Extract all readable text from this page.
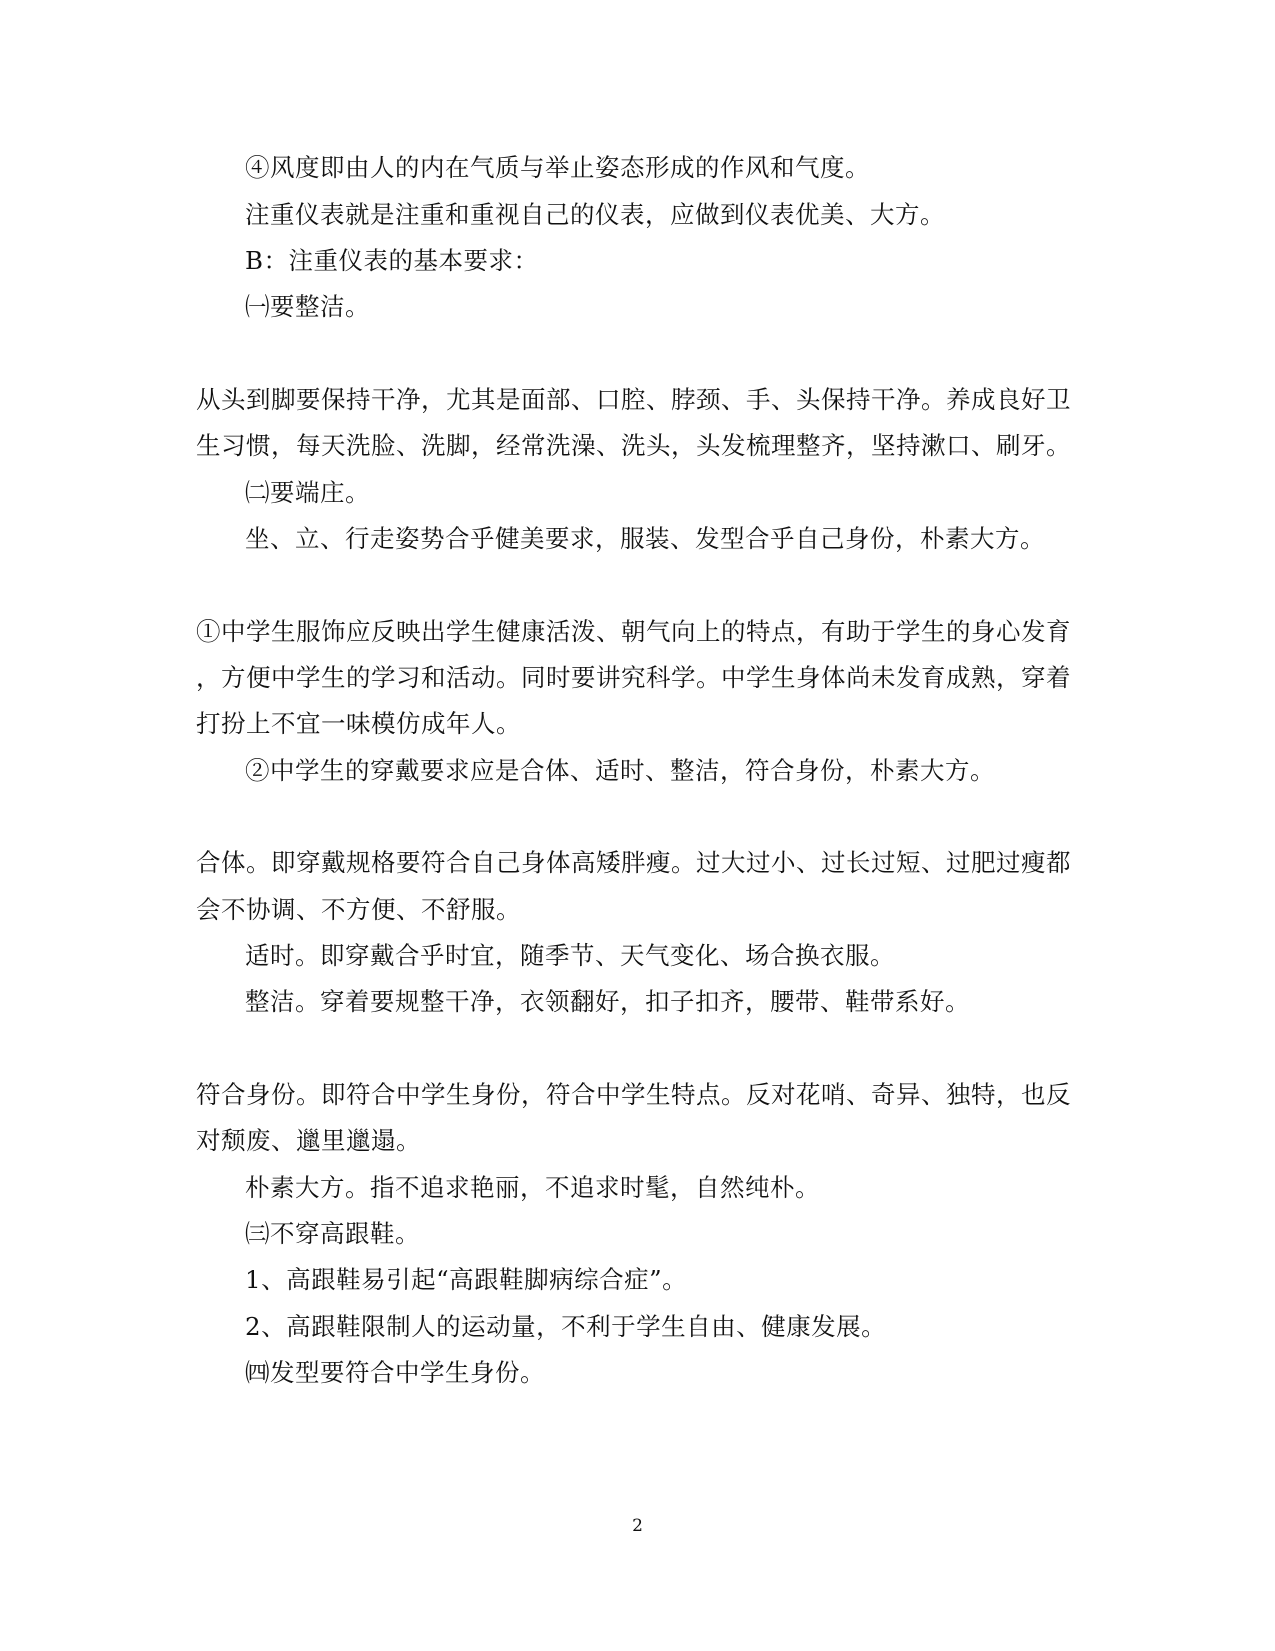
④风度即由人的内在气质与举止姿态形成的作风和气度。
注重仪表就是注重和重视自己的仪表，应做到仪表优美、大方。
B：注重仪表的基本要求：
㈠要整洁。
从头到脚要保持干净，尤其是面部、口腔、脖颈、手、头保持干净。养成良好卫
生习惯，每天洗脸、洗脚，经常洗澡、洗头，头发梳理整齐，坚持漱口、刷牙。
㈡要端庄。
坐、立、行走姿势合乎健美要求，服装、发型合乎自己身份，朴素大方。
①中学生服饰应反映出学生健康活泼、朝气向上的特点，有助于学生的身心发育
，方便中学生的学习和活动。同时要讲究科学。中学生身体尚未发育成熟，穿着
打扮上不宜一味模仿成年人。
②中学生的穿戴要求应是合体、适时、整洁，符合身份，朴素大方。
合体。即穿戴规格要符合自己身体高矮胖瘦。过大过小、过长过短、过肥过瘦都
会不协调、不方便、不舒服。
适时。即穿戴合乎时宜，随季节、天气变化、场合换衣服。
整洁。穿着要规整干净，衣领翻好，扣子扣齐，腰带、鞋带系好。
符合身份。即符合中学生身份，符合中学生特点。反对花哨、奇异、独特，也反
对颓废、邋里邋遢。
朴素大方。指不追求艳丽，不追求时髦，自然纯朴。
㈢不穿高跟鞋。
1、高跟鞋易引起“高跟鞋脚病综合症”。
2、高跟鞋限制人的运动量，不利于学生自由、健康发展。
㈣发型要符合中学生身份。
2
